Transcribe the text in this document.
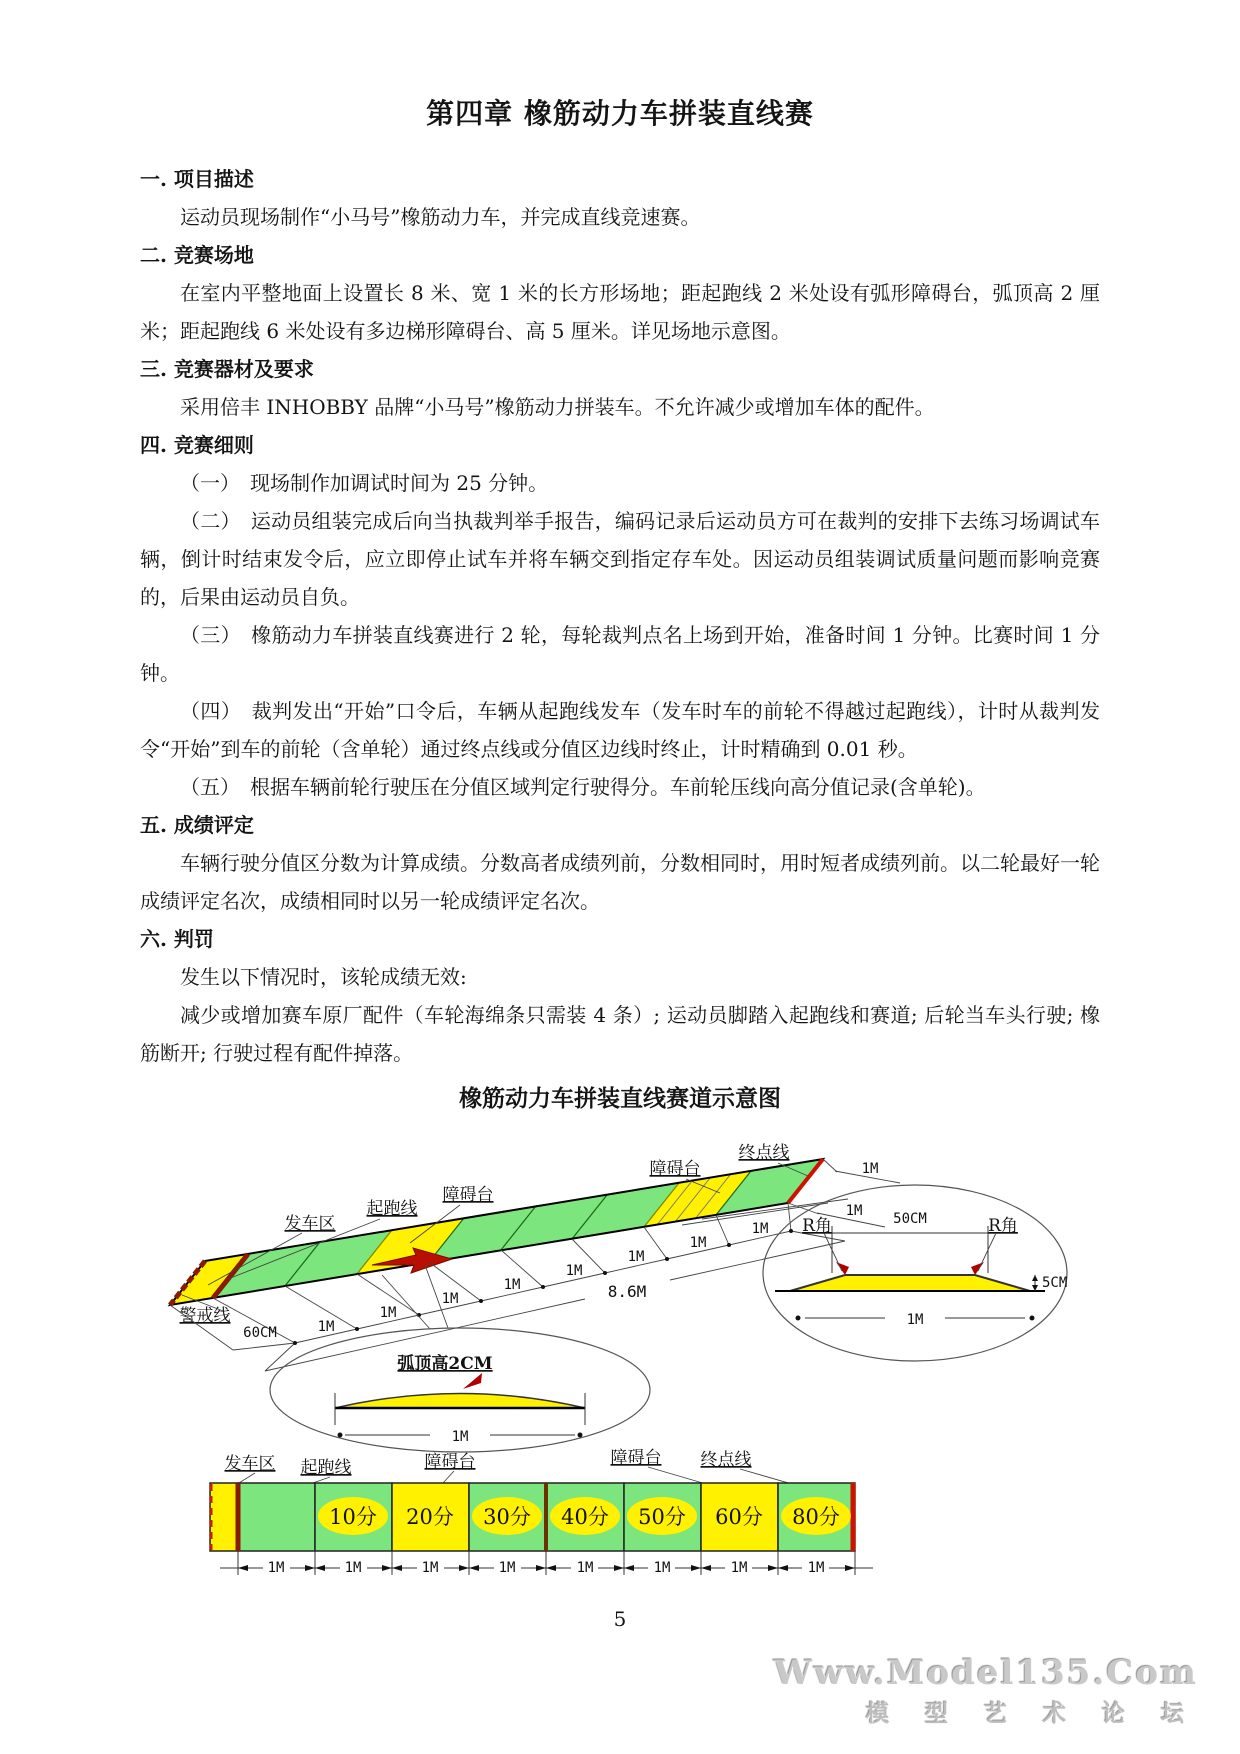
第四章 橡筋动力车拼装直线赛
一. 项目描述

运动员现场制作“小马号”橡筋动力车，并完成直线竞速赛。

二. 竞赛场地

在室内平整地面上设置长 8 米、宽 1 米的长方形场地；距起跑线 2 米处设有弧形障碍台，弧顶高 2 厘米；距起跑线 6 米处设有多边梯形障碍台、高 5 厘米。详见场地示意图。

三. 竞赛器材及要求

采用倍丰 INHOBBY 品牌“小马号”橡筋动力拼装车。不允许减少或增加车体的配件。

四. 竞赛细则

（一）　现场制作加调试时间为 25 分钟。

（二）　运动员组装完成后向当执裁判举手报告，编码记录后运动员方可在裁判的安排下去练习场调试车辆，倒计时结束发令后，应立即停止试车并将车辆交到指定存车处。因运动员组装调试质量问题而影响竞赛的，后果由运动员自负。

（三）　橡筋动力车拼装直线赛进行 2 轮，每轮裁判点名上场到开始，准备时间 1 分钟。比赛时间 1 分钟。

（四）　裁判发出“开始”口令后，车辆从起跑线发车（发车时车的前轮不得越过起跑线），计时从裁判发令“开始”到车的前轮（含单轮）通过终点线或分值区边线时终止，计时精确到 0.01 秒。

（五）　根据车辆前轮行驶压在分值区域判定行驶得分。车前轮压线向高分值记录(含单轮)。

五. 成绩评定

车辆行驶分值区分数为计算成绩。分数高者成绩列前，分数相同时，用时短者成绩列前。以二轮最好一轮成绩评定名次，成绩相同时以另一轮成绩评定名次。

六. 判罚

发生以下情况时，该轮成绩无效:

减少或增加赛车原厂配件（车轮海绵条只需装 4 条）; 运动员脚踏入起跑线和赛道; 后轮当车头行驶; 橡筋断开; 行驶过程有配件掉落。

橡筋动力车拼装直线赛道示意图
发车区
起跑线
障碍台
障碍台
终点线
警戒线
1M
1M
1M
1M
1M
1M
1M
1M
60CM
8.6M
1M
1M
弧顶高2CM
1M
R角	R角
50CM
5CM
1M
发车区 起跑线	障碍台	障碍台 终点线
10分 20分 30分 40分 50分 60分 80分
1M	1M	1M	1M	1M	1M	1M	1M
5
Www.Model135.Com
模 型 艺 术 论 坛
